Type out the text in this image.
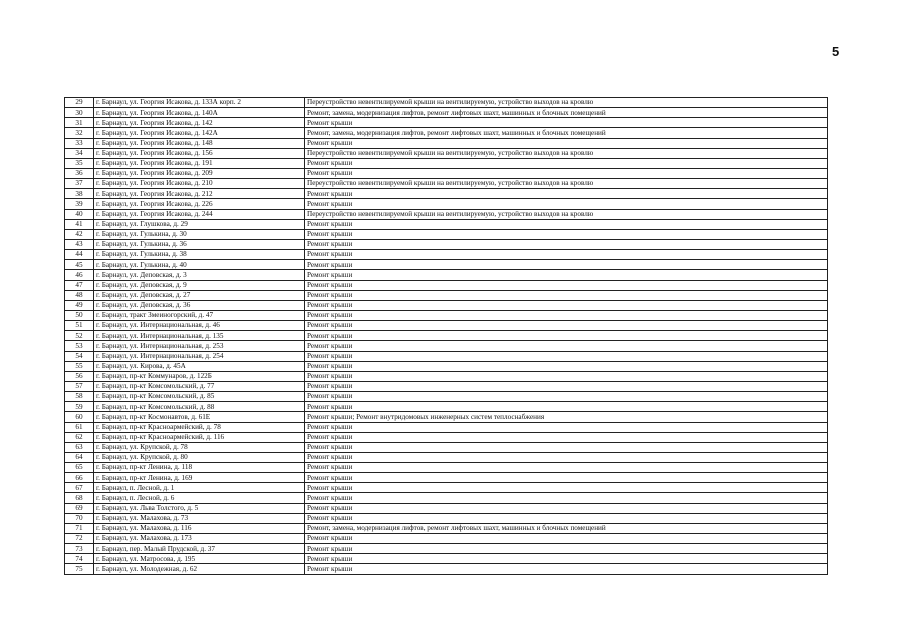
5
29	г. Барнаул, ул. Георгия Исакова, д. 133А корп. 2	Переустройство невентилируемой крыши на вентилируемую, устройство выходов на кровлю
30	г. Барнаул, ул. Георгия Исакова, д. 140А	Ремонт, замена, модернизация лифтов, ремонт лифтовых шахт, машинных и блочных помещений
31	г. Барнаул, ул. Георгия Исакова, д. 142	Ремонт крыши
32	г. Барнаул, ул. Георгия Исакова, д. 142А	Ремонт, замена, модернизация лифтов, ремонт лифтовых шахт, машинных и блочных помещений
33	г. Барнаул, ул. Георгия Исакова, д. 148	Ремонт крыши
34	г. Барнаул, ул. Георгия Исакова, д. 156	Переустройство невентилируемой крыши на вентилируемую, устройство выходов на кровлю
35	г. Барнаул, ул. Георгия Исакова, д. 191	Ремонт крыши
36	г. Барнаул, ул. Георгия Исакова, д. 209	Ремонт крыши
37	г. Барнаул, ул. Георгия Исакова, д. 210	Переустройство невентилируемой крыши на вентилируемую, устройство выходов на кровлю
38	г. Барнаул, ул. Георгия Исакова, д. 212	Ремонт крыши
39	г. Барнаул, ул. Георгия Исакова, д. 226	Ремонт крыши
40	г. Барнаул, ул. Георгия Исакова, д. 244	Переустройство невентилируемой крыши на вентилируемую, устройство выходов на кровлю
41	г. Барнаул, ул. Глушкова, д. 29	Ремонт крыши
42	г. Барнаул, ул. Гулькина, д. 30	Ремонт крыши
43	г. Барнаул, ул. Гулькина, д. 36	Ремонт крыши
44	г. Барнаул, ул. Гулькина, д. 38	Ремонт крыши
45	г. Барнаул, ул. Гулькина, д. 40	Ремонт крыши
46	г. Барнаул, ул. Деповская, д. 3	Ремонт крыши
47	г. Барнаул, ул. Деповская, д. 9	Ремонт крыши
48	г. Барнаул, ул. Деповская, д. 27	Ремонт крыши
49	г. Барнаул, ул. Деповская, д. 36	Ремонт крыши
50	г. Барнаул, тракт Змеиногорский, д. 47	Ремонт крыши
51	г. Барнаул, ул. Интернациональная, д. 46	Ремонт крыши
52	г. Барнаул, ул. Интернациональная, д. 135	Ремонт крыши
53	г. Барнаул, ул. Интернациональная, д. 253	Ремонт крыши
54	г. Барнаул, ул. Интернациональная, д. 254	Ремонт крыши
55	г. Барнаул, ул. Кирова, д. 45А	Ремонт крыши
56	г. Барнаул, пр-кт Коммунаров, д. 122Б	Ремонт крыши
57	г. Барнаул, пр-кт Комсомольский, д. 77	Ремонт крыши
58	г. Барнаул, пр-кт Комсомольский, д. 85	Ремонт крыши
59	г. Барнаул, пр-кт Комсомольский, д. 88	Ремонт крыши
60	г. Барнаул, пр-кт Космонавтов, д. 61Е	Ремонт крыши; Ремонт внутридомовых инженерных систем теплоснабжения
61	г. Барнаул, пр-кт Красноармейский, д. 78	Ремонт крыши
62	г. Барнаул, пр-кт Красноармейский, д. 116	Ремонт крыши
63	г. Барнаул, ул. Крупской, д. 78	Ремонт крыши
64	г. Барнаул, ул. Крупской, д. 80	Ремонт крыши
65	г. Барнаул, пр-кт Ленина, д. 118	Ремонт крыши
66	г. Барнаул, пр-кт Ленина, д. 169	Ремонт крыши
67	г. Барнаул, п. Лесной, д. 1	Ремонт крыши
68	г. Барнаул, п. Лесной, д. 6	Ремонт крыши
69	г. Барнаул, ул. Льва Толстого, д. 5	Ремонт крыши
70	г. Барнаул, ул. Малахова, д. 73	Ремонт крыши
71	г. Барнаул, ул. Малахова, д. 116	Ремонт, замена, модернизация лифтов, ремонт лифтовых шахт, машинных и блочных помещений
72	г. Барнаул, ул. Малахова, д. 173	Ремонт крыши
73	г. Барнаул, пер. Малый Прудской, д. 37	Ремонт крыши
74	г. Барнаул, ул. Матросова, д. 195	Ремонт крыши
75	г. Барнаул, ул. Молодежная, д. 62	Ремонт крыши
